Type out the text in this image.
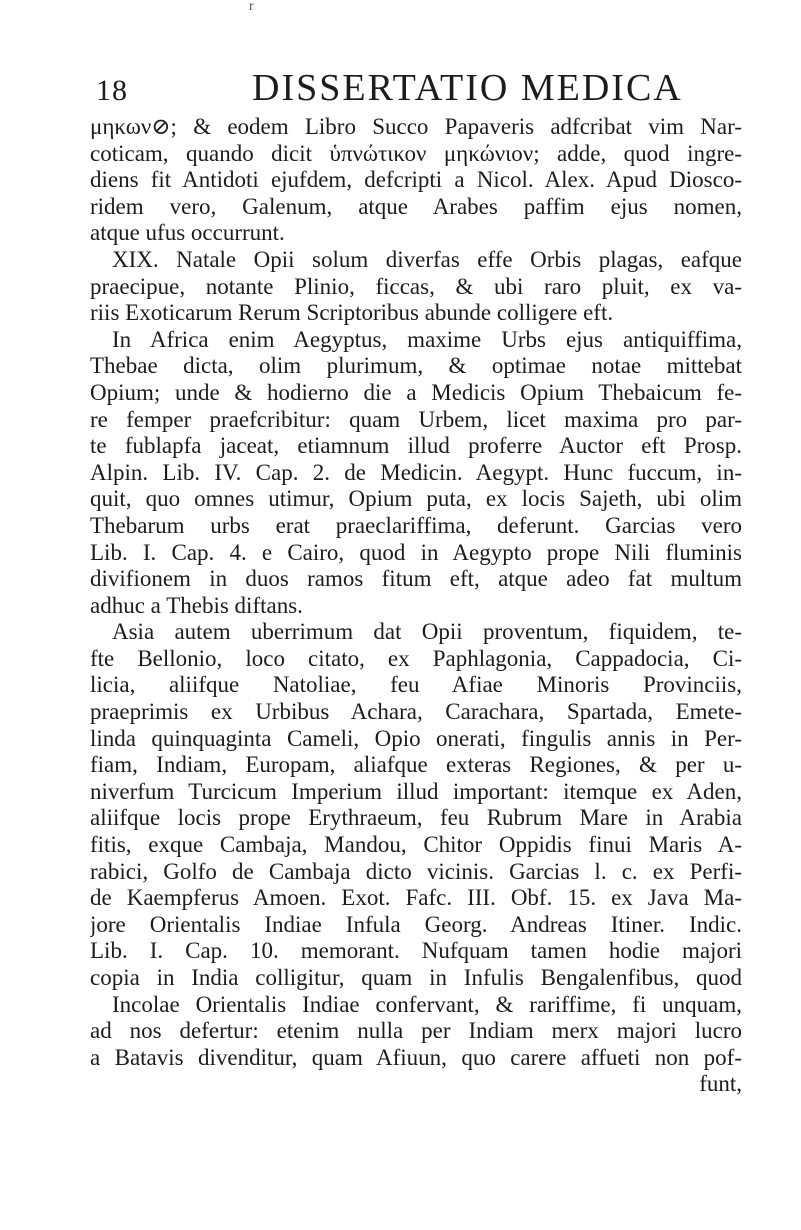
r
18	DISSERTATIO MEDICA
μηκων⊘; & eodem Libro Succo Papaveris adfcribat vim Nar-
coticam, quando dicit ὑπνώτικον μηκώνιον; adde, quod ingre-
diens fit Antidoti ejufdem, defcripti a Nicol. Alex. Apud Diosco-
ridem vero, Galenum, atque Arabes paffim ejus nomen,
atque ufus occurrunt.
XIX. Natale Opii solum diverfas effe Orbis plagas, eafque
praecipue, notante Plinio, ficcas, & ubi raro pluit, ex va-
riis Exoticarum Rerum Scriptoribus abunde colligere eft.
In Africa enim Aegyptus, maxime Urbs ejus antiquiffima,
Thebae dicta, olim plurimum, & optimae notae mittebat
Opium; unde & hodierno die a Medicis Opium Thebaicum fe-
re femper praefcribitur: quam Urbem, licet maxima pro par-
te fublapfa jaceat, etiamnum illud proferre Auctor eft Prosp.
Alpin. Lib. IV. Cap. 2. de Medicin. Aegypt. Hunc fuccum, in-
quit, quo omnes utimur, Opium puta, ex locis Sajeth, ubi olim
Thebarum urbs erat praeclariffima, deferunt. Garcias vero
Lib. I. Cap. 4. e Cairo, quod in Aegypto prope Nili fluminis
divifionem in duos ramos fitum eft, atque adeo fat multum
adhuc a Thebis diftans.
Asia autem uberrimum dat Opii proventum, fiquidem, te-
fte Bellonio, loco citato, ex Paphlagonia, Cappadocia, Ci-
licia, aliifque Natoliae, feu Afiae Minoris Provinciis,
praeprimis ex Urbibus Achara, Carachara, Spartada, Emete-
linda quinquaginta Cameli, Opio onerati, fingulis annis in Per-
fiam, Indiam, Europam, aliafque exteras Regiones, & per u-
niverfum Turcicum Imperium illud important: itemque ex Aden,
aliifque locis prope Erythraeum, feu Rubrum Mare in Arabia
fitis, exque Cambaja, Mandou, Chitor Oppidis finui Maris A-
rabici, Golfo de Cambaja dicto vicinis. Garcias l. c. ex Perfi-
de Kaempferus Amoen. Exot. Fafc. III. Obf. 15. ex Java Ma-
jore Orientalis Indiae Infula Georg. Andreas Itiner. Indic.
Lib. I. Cap. 10. memorant. Nufquam tamen hodie majori
copia in India colligitur, quam in Infulis Bengalenfibus, quod
Incolae Orientalis Indiae confervant, & rariffime, fi unquam,
ad nos defertur: etenim nulla per Indiam merx majori lucro
a Batavis divenditur, quam Afiuun, quo carere affueti non pof-
funt,
